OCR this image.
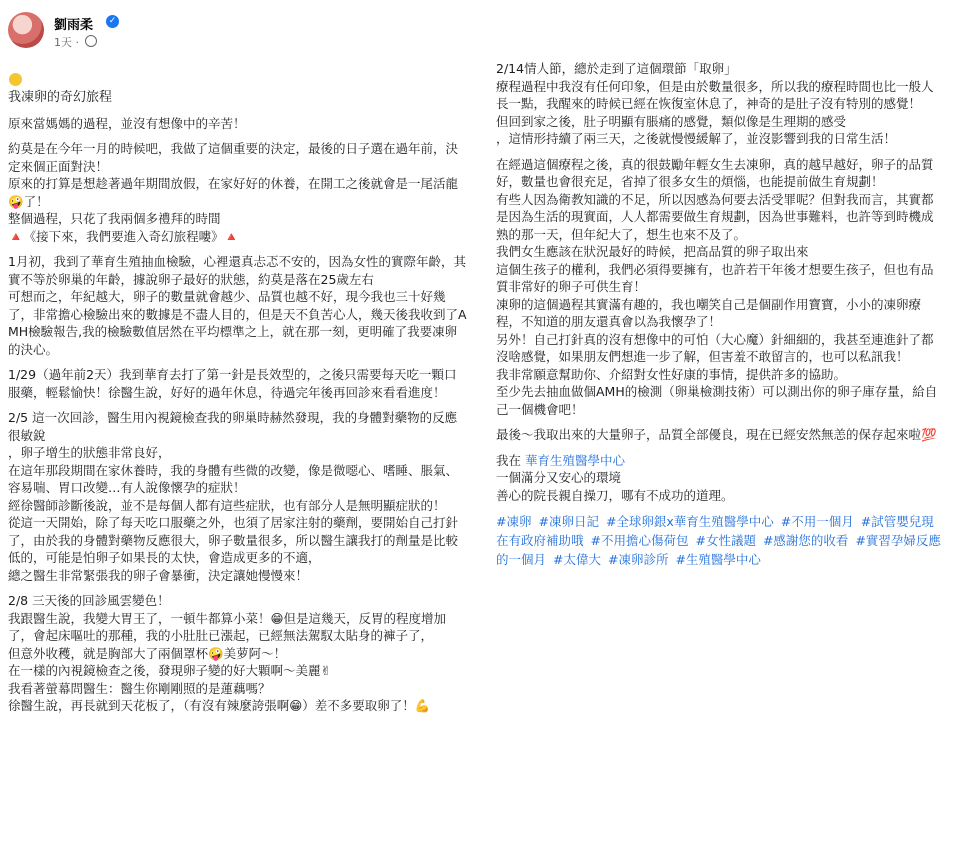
劉雨柔	✓
1天 ·

我凍卵的奇幻旅程

原來當媽媽的過程，並沒有想像中的辛苦！
約莫是在今年一月的時候吧，我做了這個重要的決定，最後的日子選在過年前，決定來個正面對決！
原來的打算是想趁著過年期間放假，在家好好的休養，在開工之後就會是一尾活龍🤪了！
整個過程，只花了我兩個多禮拜的時間
🔺《接下來，我們要進入奇幻旅程嘍》🔺
1月初，我到了華育生殖抽血檢驗，心裡還真忐忑不安的，因為女性的實際年齡，其實不等於卵巢的年齡，據說卵子最好的狀態，約莫是落在25歲左右
可想而之，年紀越大，卵子的數量就會越少、品質也越不好，現今我也三十好幾了，非常擔心檢驗出來的數據是不盡人目的，但是天不負苦心人，幾天後我收到了AMH檢驗報告,我的檢驗數值居然在平均標準之上，就在那一刻，更明確了我要凍卵的決心。
1/29（過年前2天）我到華育去打了第一針是長效型的，之後只需要每天吃一顆口服藥，輕鬆愉快！徐醫生說，好好的過年休息，待過完年後再回診來看看進度！
2/5 這一次回診，醫生用內視鏡檢查我的卵巢時赫然發現，我的身體對藥物的反應很敏銳
，卵子增生的狀態非常良好，
在這年那段期間在家休養時，我的身體有些微的改變，像是微噁心、嗜睡、脹氣、容易喘、胃口改變…有人說像懷孕的症狀！
經徐醫師診斷後說，並不是每個人都有這些症狀，也有部分人是無明顯症狀的！
從這一天開始，除了每天吃口服藥之外，也須了居家注射的藥劑，要開始自己打針了，由於我的身體對藥物反應很大，卵子數量很多，所以醫生讓我打的劑量是比較低的，可能是怕卵子如果長的太快，會造成更多的不適，
總之醫生非常緊張我的卵子會暴衝，決定讓她慢慢來！
2/8 三天後的回診風雲變色！
我跟醫生說，我變大胃王了，一頓牛都算小菜！😁但是這幾天，反胃的程度增加了，會起床嘔吐的那種，我的小肚肚已漲起，已經無法駕馭太貼身的褲子了，
但意外收穫，就是胸部大了兩個罩杯🤪美萝阿～！
在一樣的內視鏡檢查之後，發現卵子變的好大顆啊～美麗✌
我看著螢幕問醫生：醫生你剛剛照的是蓮藕嗎？
徐醫生說，再長就到天花板了，（有沒有辣麼誇張啊😁）差不多要取卵了！💪
2/14情人節，總於走到了這個環節「取卵」
療程過程中我沒有任何印象，但是由於數量很多，所以我的療程時間也比一般人長一點，我醒來的時候已經在恢復室休息了，神奇的是肚子沒有特別的感覺！
但回到家之後，肚子明顯有脹痛的感覺，類似像是生理期的感受
，這情形持續了兩三天，之後就慢慢緩解了，並沒影響到我的日常生活！
在經過這個療程之後，真的很鼓勵年輕女生去凍卵，真的越早越好，卵子的品質好，數量也會很充足，省掉了很多女生的煩惱，也能提前做生育規劃！
有些人因為衛教知識的不足，所以因感為何要去活受罪呢？但對我而言，其實都是因為生活的現實面，人人都需要做生育規劃，因為世事難料，也許等到時機成熟的那一天，但年紀大了，想生也來不及了。
我們女生應該在狀況最好的時候，把高品質的卵子取出來
這個生孩子的權利，我們必須得要擁有，也許若干年後才想要生孩子，但也有品質非常好的卵子可供生育！
凍卵的這個過程其實滿有趣的，我也嘲笑自己是個副作用寶寶，小小的凍卵療程，不知道的朋友還真會以為我懷孕了！
另外！自己打針真的沒有想像中的可怕（大心魔）針細細的，我甚至連進針了都沒啥感覺，如果朋友們想進一步了解，但害羞不敢留言的，也可以私訊我！
我非常願意幫助你、介紹對女性好康的事情，提供許多的協助。
至少先去抽血做個AMH的檢測（卵巢檢測技術）可以測出你的卵子庫存量，給自己一個機會吧！
最後～我取出來的大量卵子，品質全部優良，現在已經安然無恙的保存起來啦💯
我在 華育生殖醫學中心
一個滿分又安心的環境
善心的院長親自操刀，哪有不成功的道理。
#凍卵 #凍卵日記 #全球卵銀x華育生殖醫學中心 #不用一個月 #試管嬰兒現在有政府補助哦 #不用擔心傷荷包 #女性議題 #感謝您的收看 #實習孕婦反應的一個月 #太偉大 #凍卵診所 #生殖醫學中心
